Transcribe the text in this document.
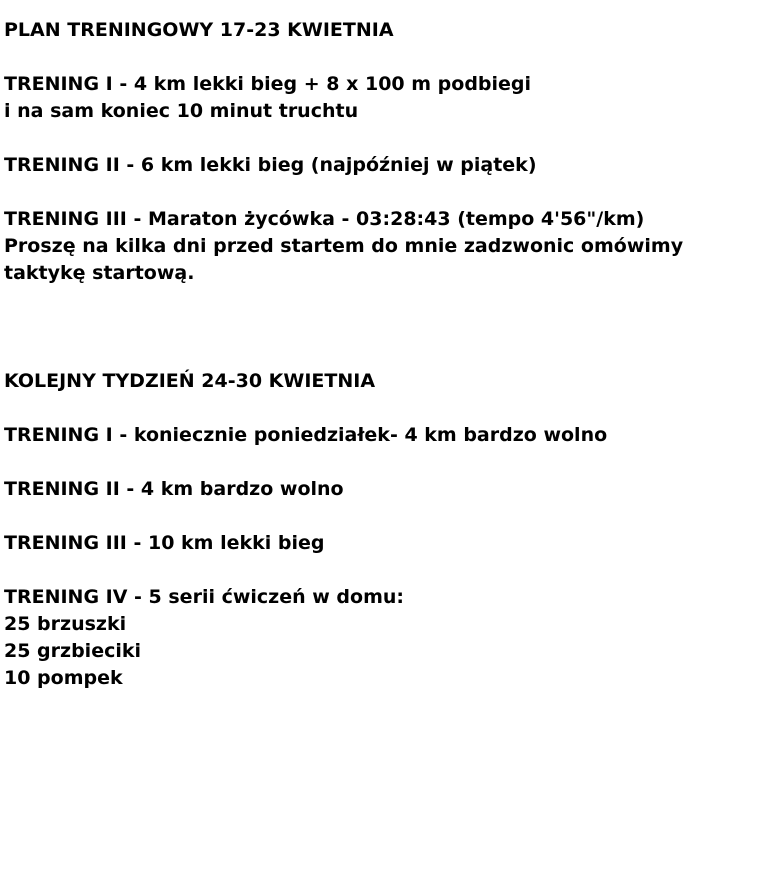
PLAN TRENINGOWY 17-23 KWIETNIA
TRENING I - 4 km lekki bieg + 8 x 100 m podbiegi
i na sam koniec 10 minut truchtu
TRENING II - 6 km lekki bieg (najpóźniej w piątek)
TRENING III - Maraton życówka - 03:28:43 (tempo 4'56"/km)
Proszę na kilka dni przed startem do mnie zadzwonic omówimy
taktykę startową.
KOLEJNY TYDZIEŃ 24-30 KWIETNIA
TRENING I - koniecznie poniedziałek- 4 km bardzo wolno
TRENING II - 4 km bardzo wolno
TRENING III - 10 km lekki bieg
TRENING IV - 5 serii ćwiczeń w domu:
25 brzuszki
25 grzbieciki
10 pompek
